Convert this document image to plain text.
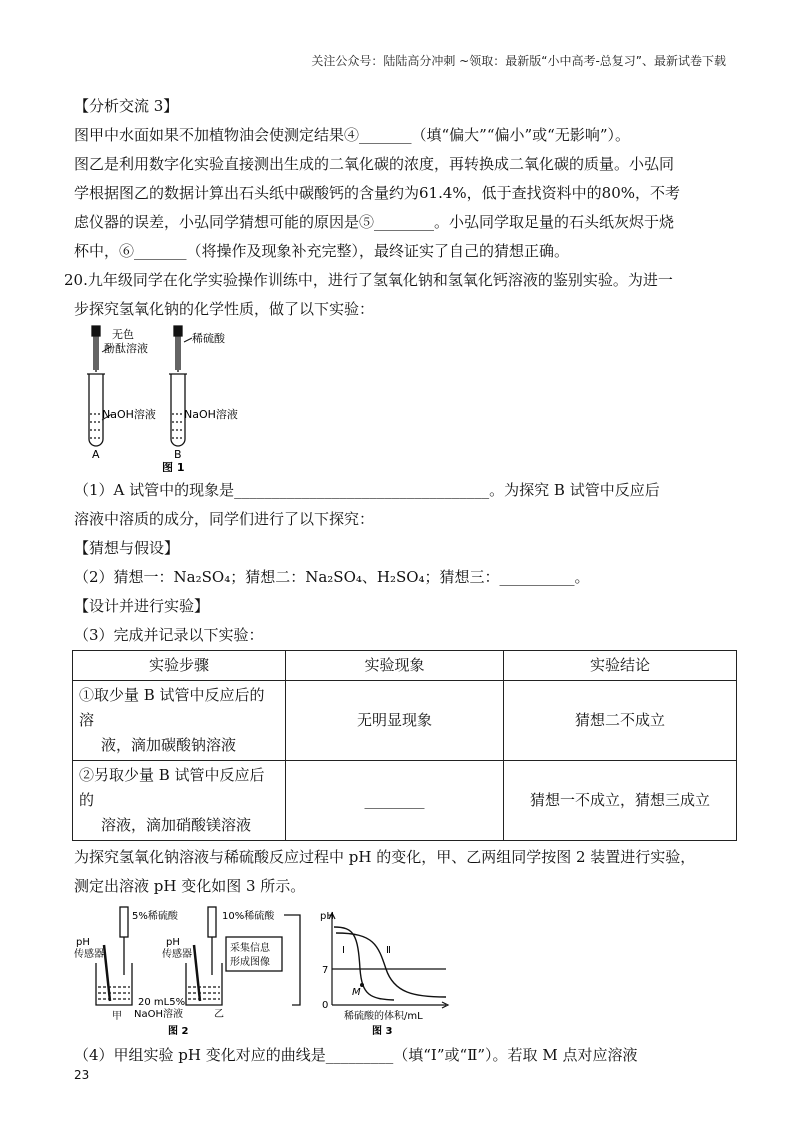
关注公众号：陆陆高分冲刺 ~领取：最新版“小中高考-总复习”、最新试卷下载

【分析交流 3】

图甲中水面如果不加植物油会使测定结果④_______（填“偏大”“偏小”或“无影响”）。

图乙是利用数字化实验直接测出生成的二氧化碳的浓度，再转换成二氧化碳的质量。小弘同

学根据图乙的数据计算出石头纸中碳酸钙的含量约为61.4%，低于查找资料中的80%，不考

虑仪器的误差，小弘同学猜想可能的原因是⑤________。小弘同学取足量的石头纸灰烬于烧

杯中，⑥_______（将操作及现象补充完整），最终证实了自己的猜想正确。

20.九年级同学在化学实验操作训练中，进行了氢氧化钠和氢氧化钙溶液的鉴别实验。为进一

步探究氢氧化钠的化学性质，做了以下实验：

无色
酚酞溶液
NaOH溶液
A
稀硫酸
NaOH溶液
B
图 1

（1）A 试管中的现象是__________________________________。为探究 B 试管中反应后

溶液中溶质的成分，同学们进行了以下探究：

【猜想与假设】

（2）猜想一：Na₂SO₄；猜想二：Na₂SO₄、H₂SO₄；猜想三：__________。

【设计并进行实验】

（3）完成并记录以下实验：

实验步骤	实验现象	实验结论

①取少量 B 试管中反应后的溶
液，滴加碳酸钠溶液	无明显现象	猜想二不成立

②另取少量 B 试管中反应后的
溶液，滴加硝酸镁溶液	________	猜想一不成立，猜想三成立

为探究氢氧化钠溶液与稀硫酸反应过程中 pH 的变化，甲、乙两组同学按图 2 装置进行实验，

测定出溶液 pH 变化如图 3 所示。

5%稀硫酸
pH
传感器
甲
10%稀硫酸
pH
传感器
乙
20 mL5%
NaOH溶液
采集信息
形成图像
图 2
pH
7
0
Ⅰ	Ⅱ
M
稀硫酸的体积/mL
图 3

（4）甲组实验 pH 变化对应的曲线是_________（填“Ⅰ”或“Ⅱ”）。若取 M 点对应溶液

23
